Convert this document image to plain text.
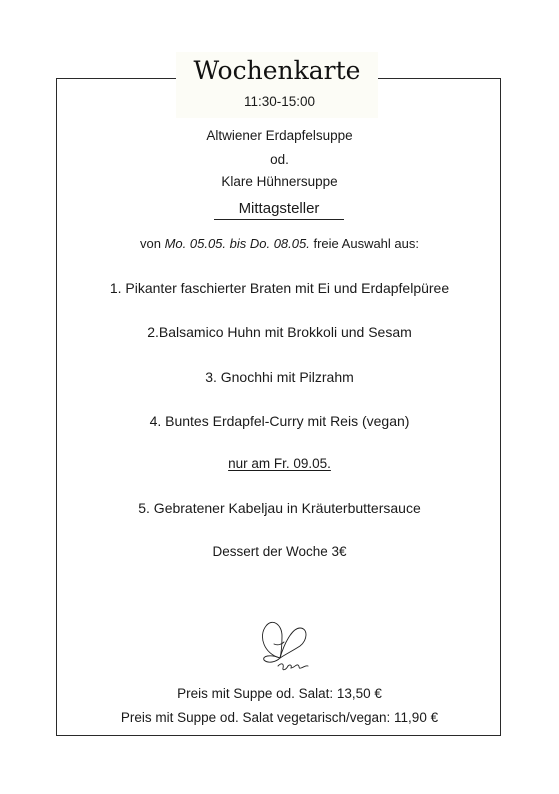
Wochenkarte
11:30-15:00
Altwiener Erdapfelsuppe
od.
Klare Hühnersuppe
Mittagsteller
von Mo. 05.05. bis Do. 08.05. freie Auswahl aus:
1. Pikanter faschierter Braten mit Ei und Erdapfelpüree
2.Balsamico Huhn mit Brokkoli und Sesam
3. Gnochhi mit Pilzrahm
4. Buntes Erdapfel-Curry mit Reis (vegan)
nur am Fr. 09.05.
5. Gebratener Kabeljau in Kräuterbuttersauce
Dessert der Woche 3€
Preis mit Suppe od. Salat: 13,50 €
Preis mit Suppe od. Salat vegetarisch/vegan: 11,90 €
